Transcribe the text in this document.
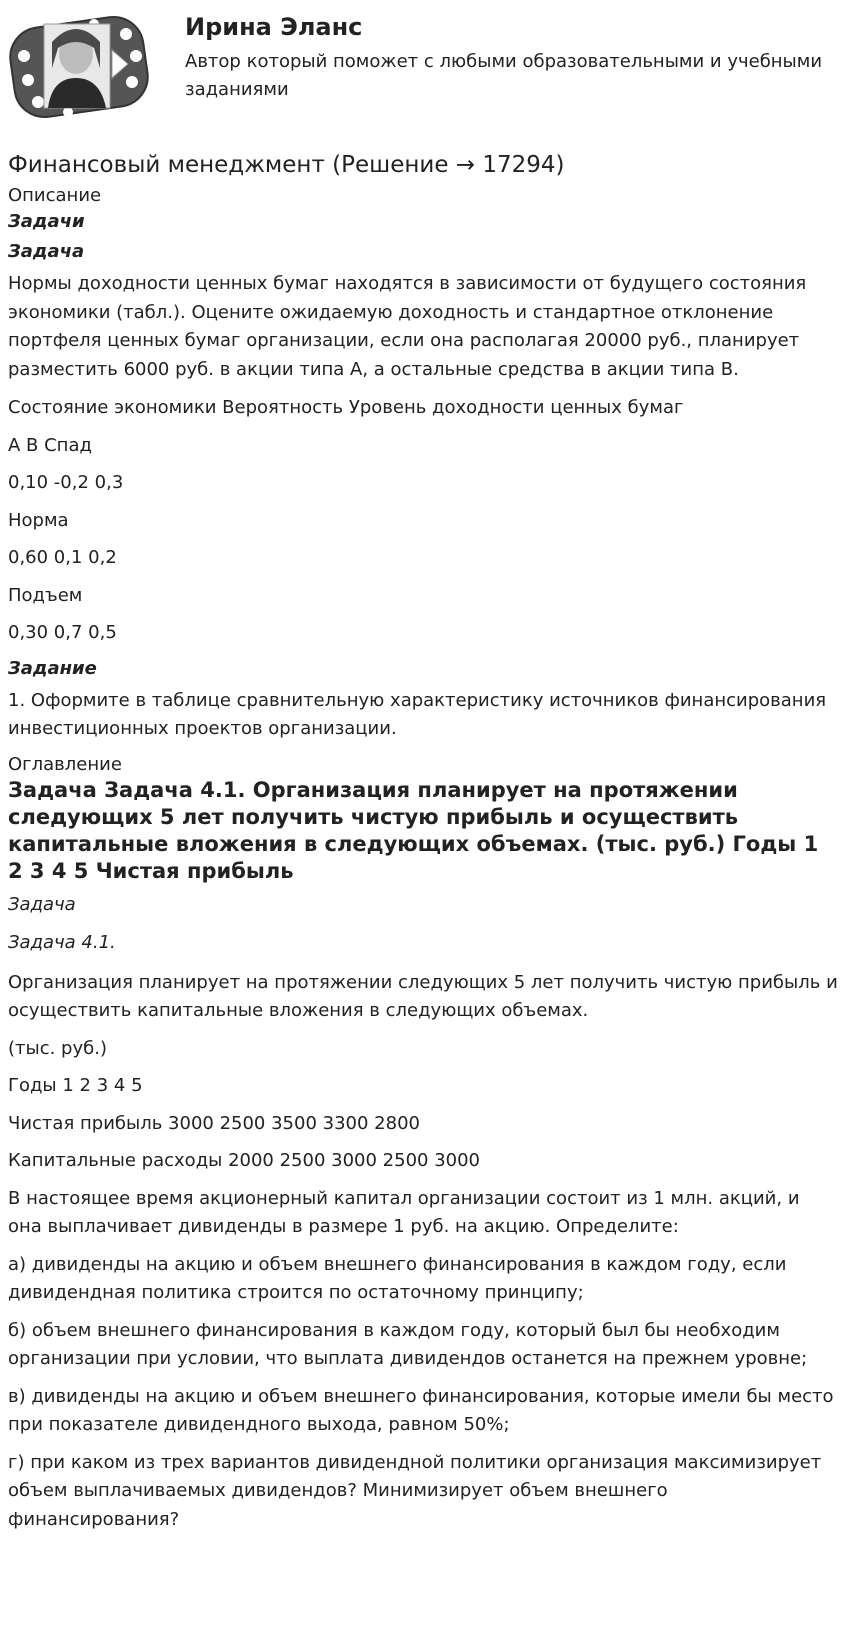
Ирина Эланс

Автор который поможет с любыми образовательными и учебными заданиями

Финансовый менеджмент (Решение → 17294)
Описание
Задачи
Задача

Нормы доходности ценных бумаг находятся в зависимости от будущего состояния экономики (табл.). Оцените ожидаемую доходность и стандартное отклонение портфеля ценных бумаг организации, если она располагая 20000 руб., планирует разместить 6000 руб. в акции типа А, а остальные средства в акции типа В.

Состояние экономики Вероятность Уровень доходности ценных бумаг

А В Спад

0,10 -0,2 0,3

Норма

0,60 0,1 0,2

Подъем

0,30 0,7 0,5

Задание

1. Оформите в таблице сравнительную характеристику источников финансирования инвестиционных проектов организации.

Оглавление
Задача Задача 4.1. Организация планирует на протяжении следующих 5 лет получить чистую прибыль и осуществить капитальные вложения в следующих объемах. (тыс. руб.) Годы 1 2 3 4 5 Чистая прибыль
Задача
Задача 4.1.

Организация планирует на протяжении следующих 5 лет получить чистую прибыль и осуществить капитальные вложения в следующих объемах.

(тыс. руб.)

Годы 1 2 3 4 5

Чистая прибыль 3000 2500 3500 3300 2800

Капитальные расходы 2000 2500 3000 2500 3000

В настоящее время акционерный капитал организации состоит из 1 млн. акций, и она выплачивает дивиденды в размере 1 руб. на акцию. Определите:

а) дивиденды на акцию и объем внешнего финансирования в каждом году, если дивидендная политика строится по остаточному принципу;

б) объем внешнего финансирования в каждом году, который был бы необходим организации при условии, что выплата дивидендов останется на прежнем уровне;

в) дивиденды на акцию и объем внешнего финансирования, которые имели бы место при показателе дивидендного выхода, равном 50%;

г) при каком из трех вариантов дивидендной политики организация максимизирует объем выплачиваемых дивидендов? Минимизирует объем внешнего финансирования?
